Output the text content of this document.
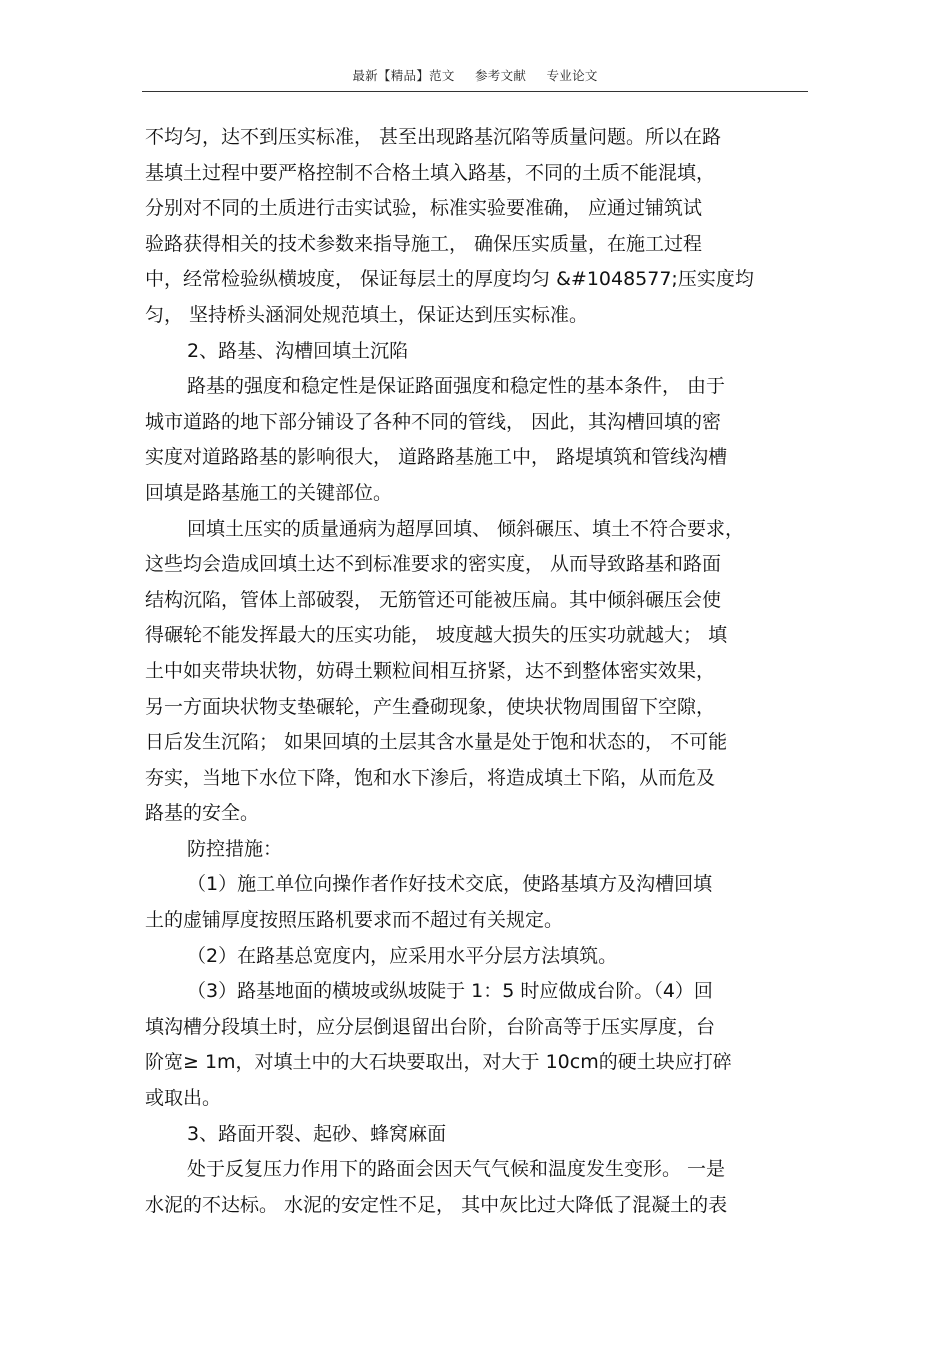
最新【精品】范文 参考文献 专业论文
不均匀，达不到压实标准， 甚至出现路基沉陷等质量问题。所以在路
基填土过程中要严格控制不合格土填入路基，不同的土质不能混填，
分别对不同的土质进行击实试验，标准实验要准确， 应通过铺筑试
验路获得相关的技术参数来指导施工， 确保压实质量，在施工过程
中，经常检验纵横坡度， 保证每层土的厚度均匀 &#1048577;压实度均
匀， 坚持桥头涵洞处规范填土，保证达到压实标准。
2、路基、沟槽回填土沉陷
路基的强度和稳定性是保证路面强度和稳定性的基本条件， 由于
城市道路的地下部分铺设了各种不同的管线， 因此，其沟槽回填的密
实度对道路路基的影响很大， 道路路基施工中， 路堤填筑和管线沟槽
回填是路基施工的关键部位。
回填土压实的质量通病为超厚回填、 倾斜碾压、填土不符合要求，
这些均会造成回填土达不到标准要求的密实度， 从而导致路基和路面
结构沉陷，管体上部破裂， 无筋管还可能被压扁。其中倾斜碾压会使
得碾轮不能发挥最大的压实功能， 坡度越大损失的压实功就越大； 填
土中如夹带块状物，妨碍土颗粒间相互挤紧，达不到整体密实效果，
另一方面块状物支垫碾轮，产生叠砌现象，使块状物周围留下空隙，
日后发生沉陷； 如果回填的土层其含水量是处于饱和状态的， 不可能
夯实，当地下水位下降，饱和水下渗后，将造成填土下陷，从而危及
路基的安全。
防控措施：
（1）施工单位向操作者作好技术交底，使路基填方及沟槽回填
土的虚铺厚度按照压路机要求而不超过有关规定。
（2）在路基总宽度内，应采用水平分层方法填筑。
（3）路基地面的横坡或纵坡陡于 1：5 时应做成台阶。（4）回
填沟槽分段填土时，应分层倒退留出台阶，台阶高等于压实厚度，台
阶宽≥ 1m，对填土中的大石块要取出，对大于 10cm的硬土块应打碎
或取出。
3、路面开裂、起砂、蜂窝麻面
处于反复压力作用下的路面会因天气气候和温度发生变形。 一是
水泥的不达标。 水泥的安定性不足， 其中灰比过大降低了混凝土的表
